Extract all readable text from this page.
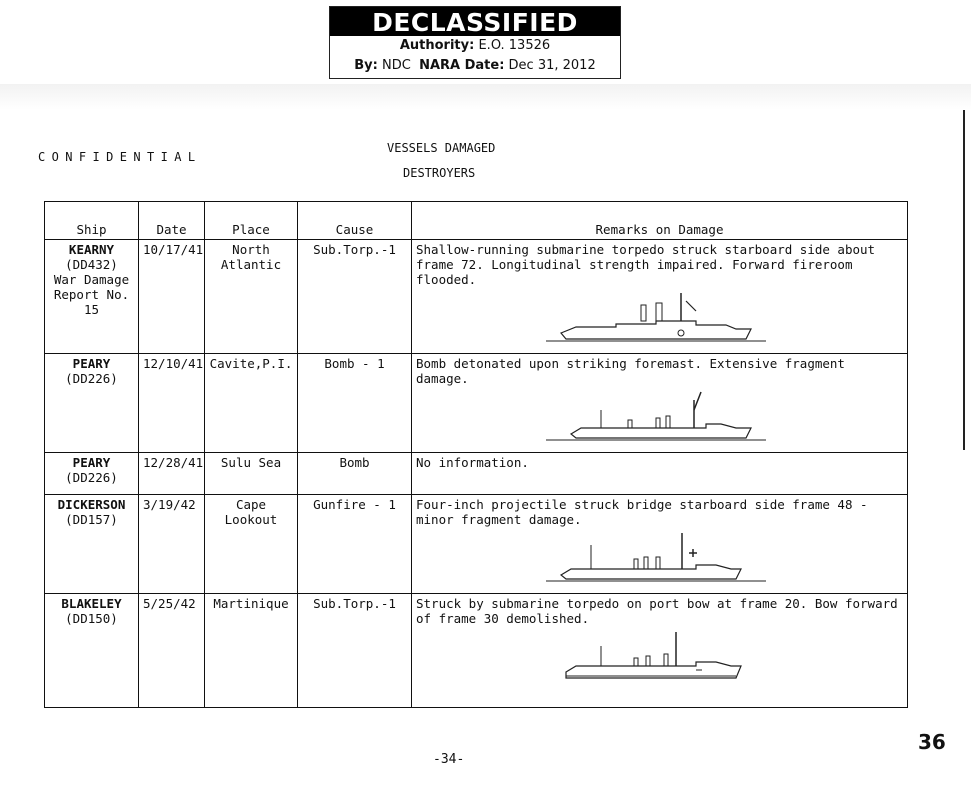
DECLASSIFIED
Authority: E.O. 13526
By: NDC NARA Date: Dec 31, 2012
CONFIDENTIAL
VESSELS DAMAGED
DESTROYERS
Ship	Date	Place	Cause	Remarks on Damage

KEARNY
(DD432)
War Damage Report No. 15	10/17/41	North Atlantic	Sub.Torp.-1	Shallow-running submarine torpedo struck starboard side about frame 72. Longitudinal strength impaired. Forward fireroom flooded.

PEARY
(DD226)	12/10/41	Cavite,P.I.	Bomb - 1	Bomb detonated upon striking foremast. Extensive fragment damage.

PEARY
(DD226)	12/28/41	Sulu Sea	Bomb	No information.

DICKERSON
(DD157)	3/19/42	Cape Lookout	Gunfire - 1	Four-inch projectile struck bridge starboard side frame 48 - minor fragment damage.

BLAKELEY
(DD150)	5/25/42	Martinique	Sub.Torp.-1	Struck by submarine torpedo on port bow at frame 20. Bow forward of frame 30 demolished.
-34-
36
